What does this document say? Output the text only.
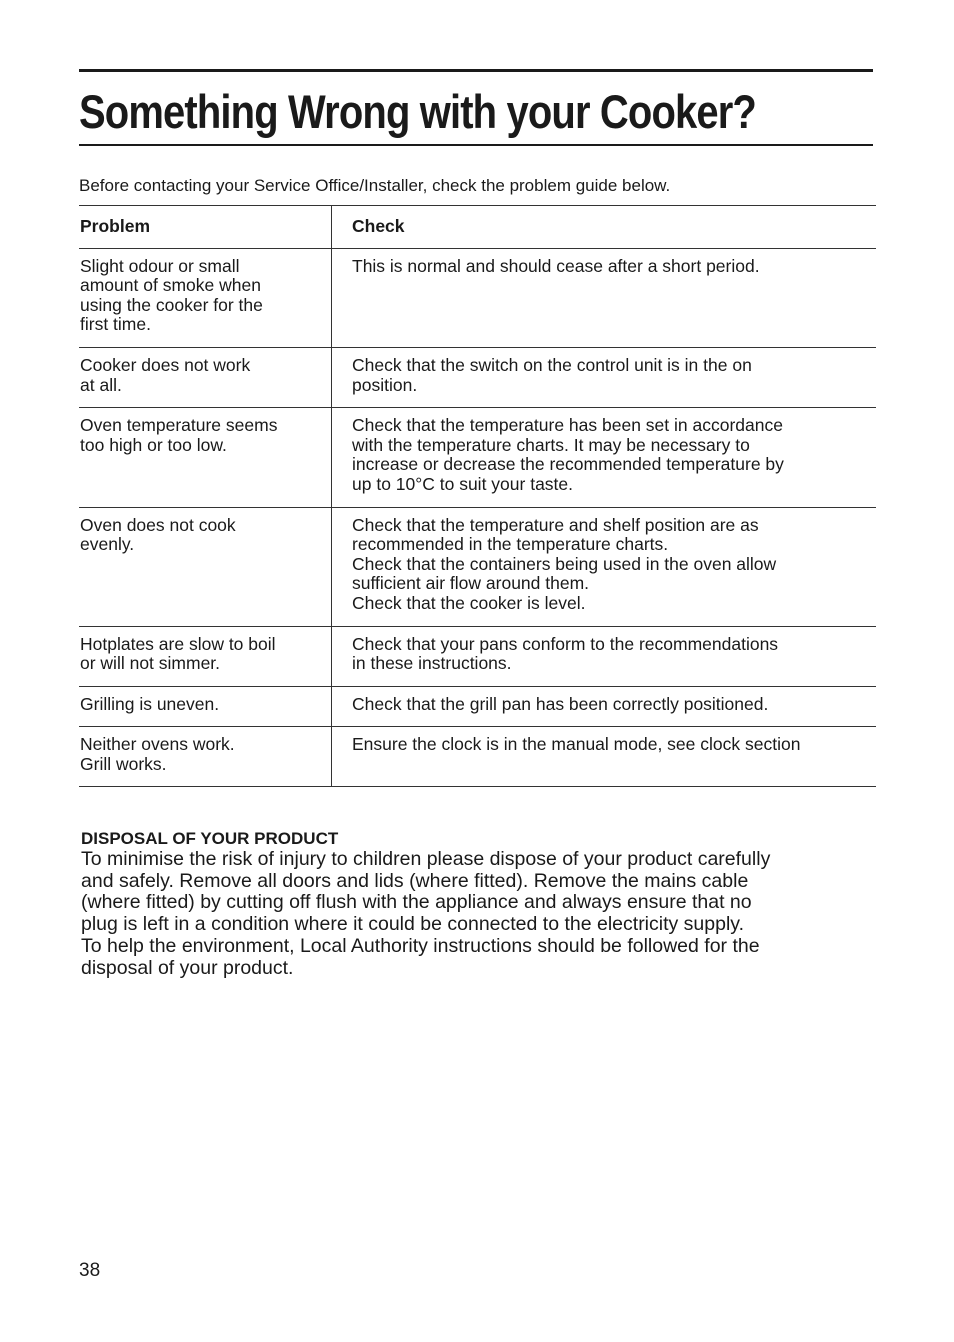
Something Wrong with your Cooker?

Before contacting your Service Office/Installer, check the problem guide below.

Problem	Check
Slight odour or small
amount of smoke when
using the cooker for the
first time.
This is normal and should cease after a short period.
Cooker does not work
at all.
Check that the switch on the control unit is in the on
position.
Oven temperature seems
too high or too low.
Check that the temperature has been set in accordance
with the temperature charts. It may be necessary to
increase or decrease the recommended temperature by
up to 10°C to suit your taste.
Oven does not cook
evenly.
Check that the temperature and shelf position are as
recommended in the temperature charts.
Check that the containers being used in the oven allow
sufficient air flow around them.
Check that the cooker is level.
Hotplates are slow to boil
or will not simmer.
Check that your pans conform to the recommendations
in these instructions.
Grilling is uneven.	Check that the grill pan has been correctly positioned.
Neither ovens work.
Grill works.
Ensure the clock is in the manual mode, see clock section

DISPOSAL OF YOUR PRODUCT

To minimise the risk of injury to children please dispose of your product carefully
and safely. Remove all doors and lids (where fitted). Remove the mains cable
(where fitted) by cutting off flush with the appliance and always ensure that no
plug is left in a condition where it could be connected to the electricity supply.
To help the environment, Local Authority instructions should be followed for the
disposal of your product.

38
